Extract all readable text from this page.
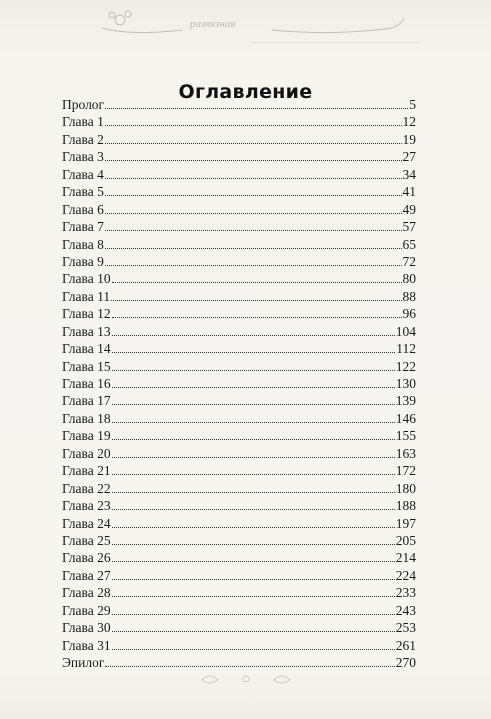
развязная
Оглавление
Пролог	5
Глава 1	12
Глава 2	19
Глава 3	27
Глава 4	34
Глава 5	41
Глава 6	49
Глава 7	57
Глава 8	65
Глава 9	72
Глава 10	80
Глава 11	88
Глава 12	96
Глава 13	104
Глава 14	112
Глава 15	122
Глава 16	130
Глава 17	139
Глава 18	146
Глава 19	155
Глава 20	163
Глава 21	172
Глава 22	180
Глава 23	188
Глава 24	197
Глава 25	205
Глава 26	214
Глава 27	224
Глава 28	233
Глава 29	243
Глава 30	253
Глава 31	261
Эпилог	270
